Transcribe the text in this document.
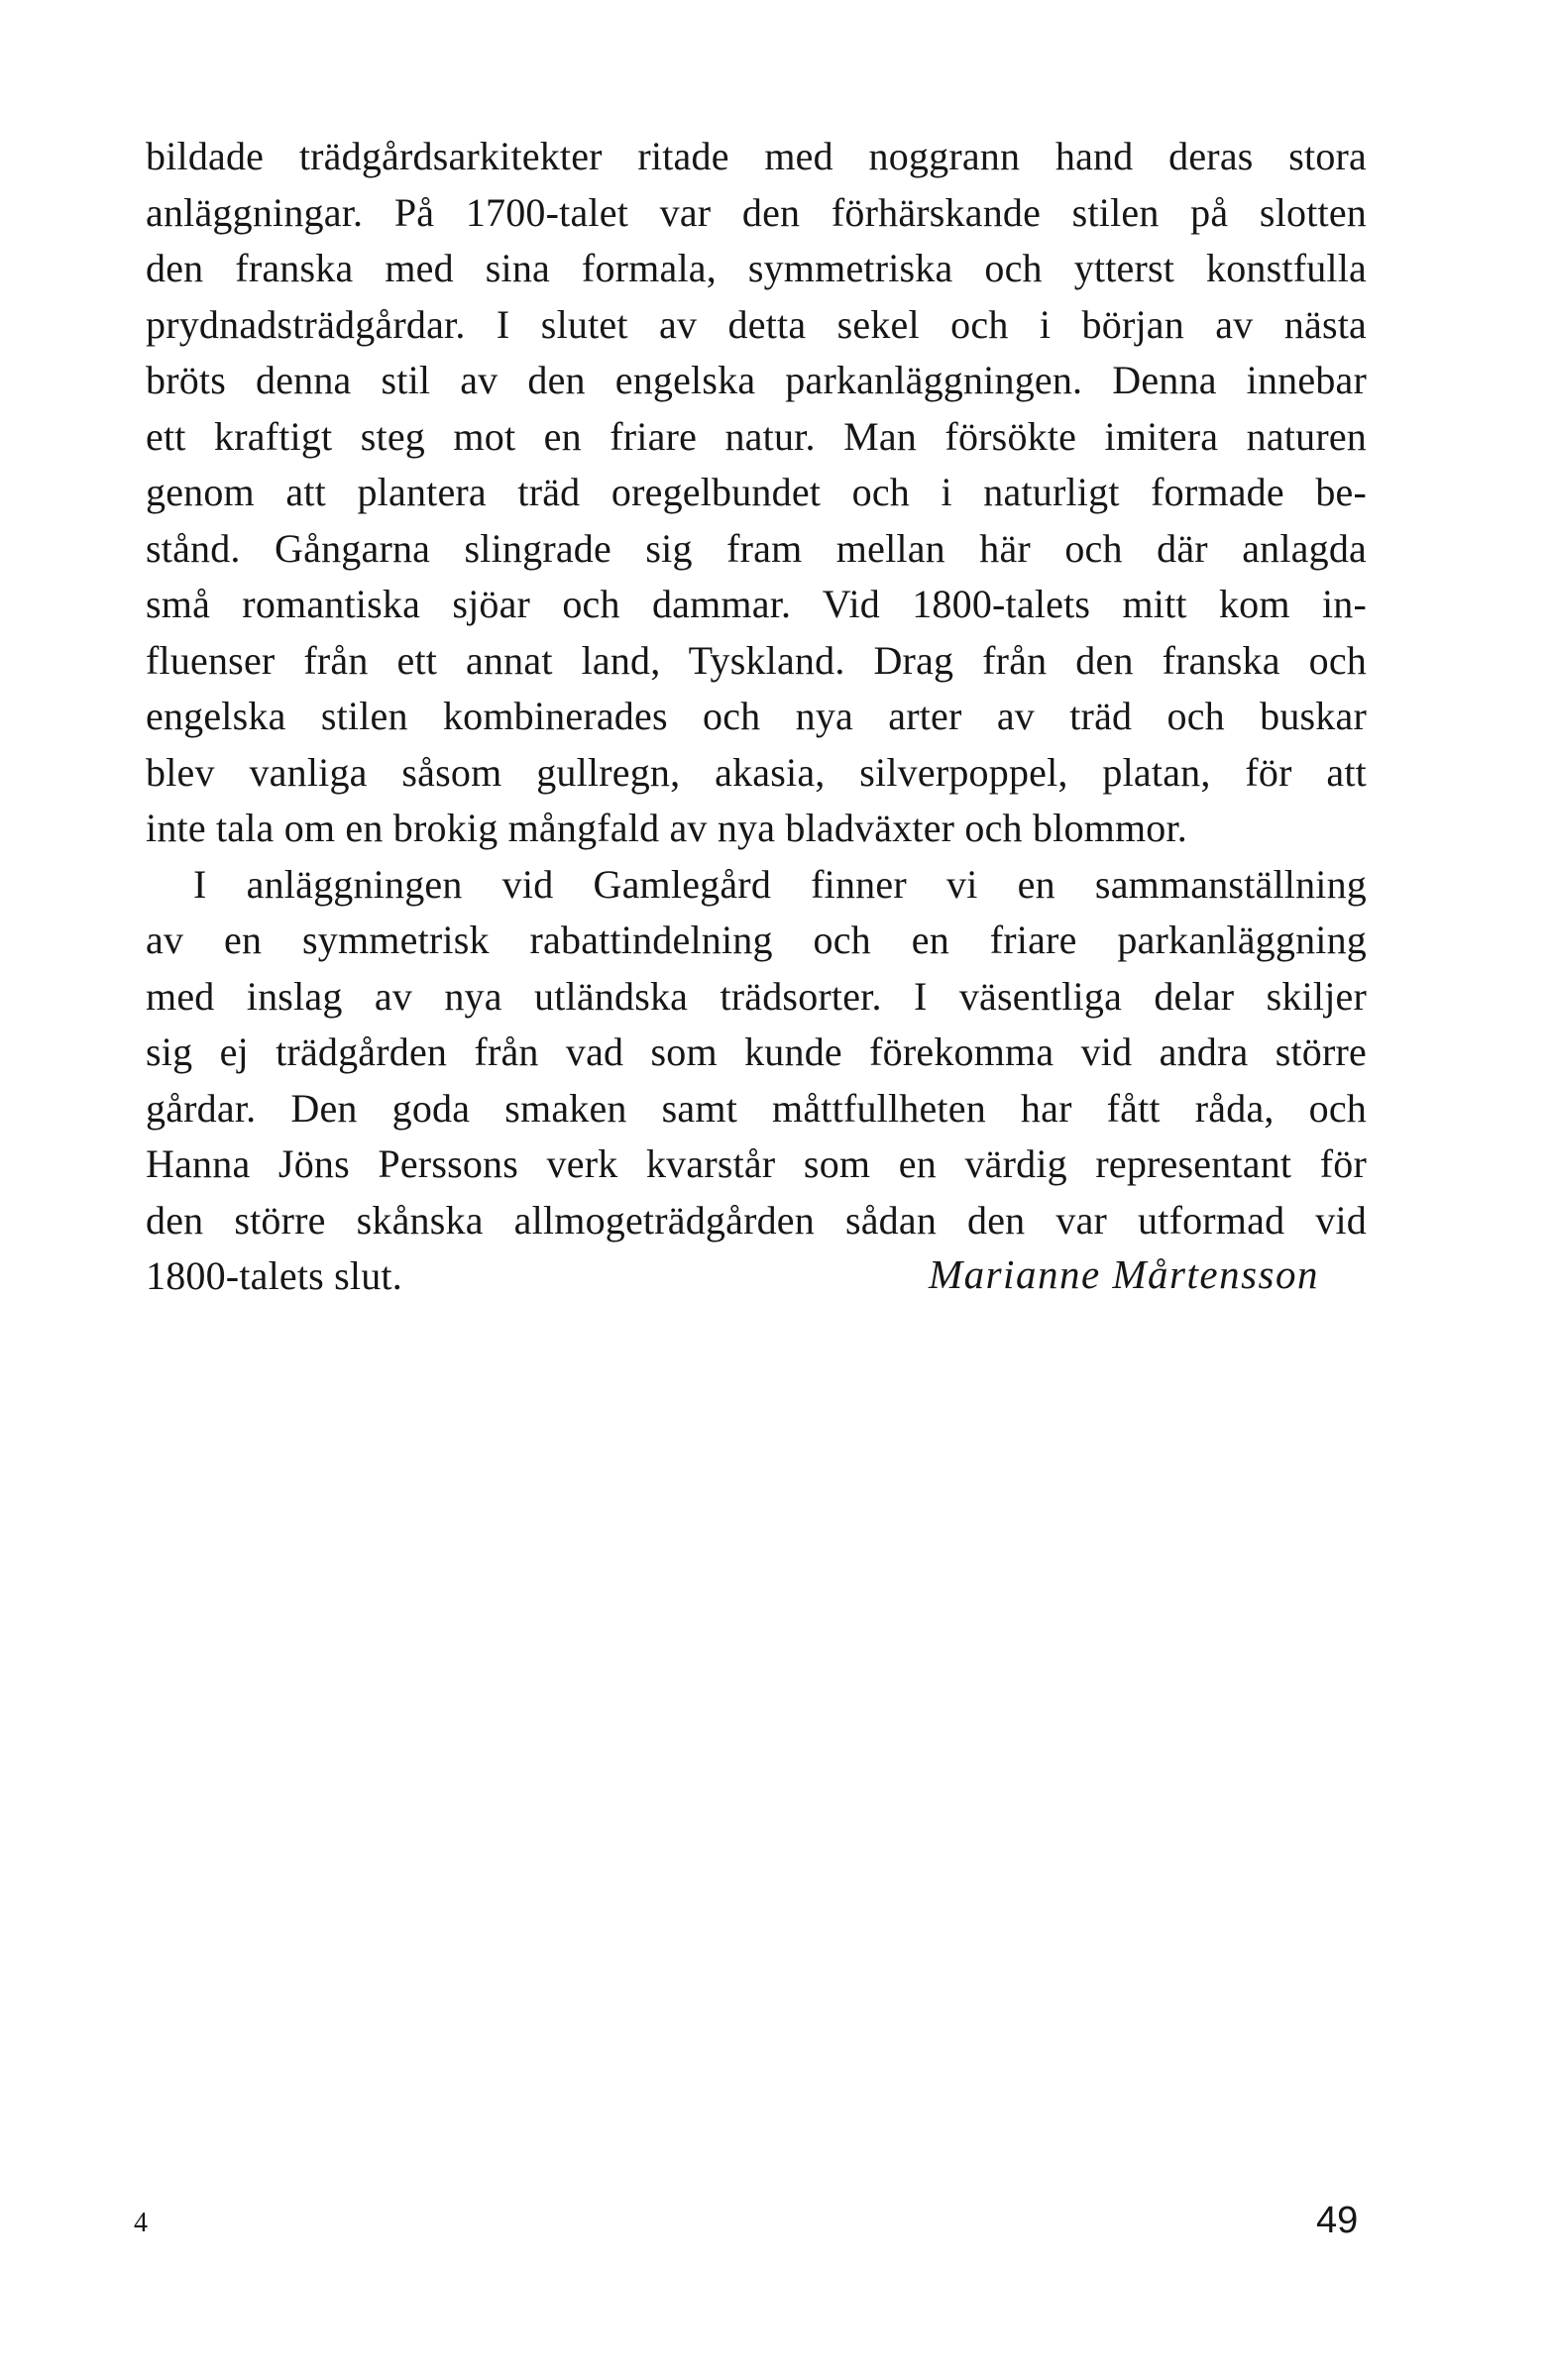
bildade trädgårdsarkitekter ritade med noggrann hand deras stora
anläggningar. På 1700-talet var den förhärskande stilen på slotten
den franska med sina formala, symmetriska och ytterst konstfulla
prydnadsträdgårdar. I slutet av detta sekel och i början av nästa
bröts denna stil av den engelska parkanläggningen. Denna innebar
ett kraftigt steg mot en friare natur. Man försökte imitera naturen
genom att plantera träd oregelbundet och i naturligt formade be-
stånd. Gångarna slingrade sig fram mellan här och där anlagda
små romantiska sjöar och dammar. Vid 1800-talets mitt kom in-
fluenser från ett annat land, Tyskland. Drag från den franska och
engelska stilen kombinerades och nya arter av träd och buskar
blev vanliga såsom gullregn, akasia, silverpoppel, platan, för att
inte tala om en brokig mångfald av nya bladväxter och blommor.
I anläggningen vid Gamlegård finner vi en sammanställning
av en symmetrisk rabattindelning och en friare parkanläggning
med inslag av nya utländska trädsorter. I väsentliga delar skiljer
sig ej trädgården från vad som kunde förekomma vid andra större
gårdar. Den goda smaken samt måttfullheten har fått råda, och
Hanna Jöns Perssons verk kvarstår som en värdig representant för
den större skånska allmogeträdgården sådan den var utformad vid
1800-talets slut.	Marianne Mårtensson
4	49
